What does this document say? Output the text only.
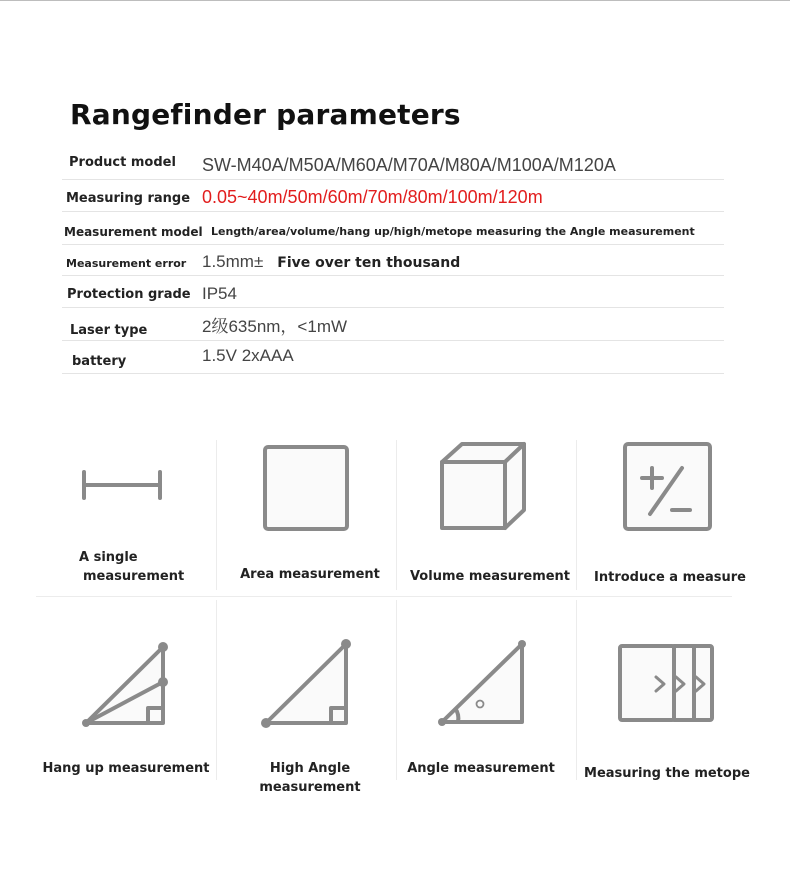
Rangefinder parameters
Product model SW-M40A/M50A/M60A/M70A/M80A/M100A/M120A
Measuring range 0.05~40m/50m/60m/70m/80m/100m/120m
Measurement model Length/area/volume/hang up/high/metope measuring the Angle measurement
Measurement error 1.5mm± Five over ten thousand
Protection grade IP54
Laser type	2级635nm，<1mW
battery	1.5V 2xAAA
A single
measurement	Area measurement	Volume measurement	Introduce a measure
Hang up measurement	High Angle measurement
Angle measurement	Measuring the metope
